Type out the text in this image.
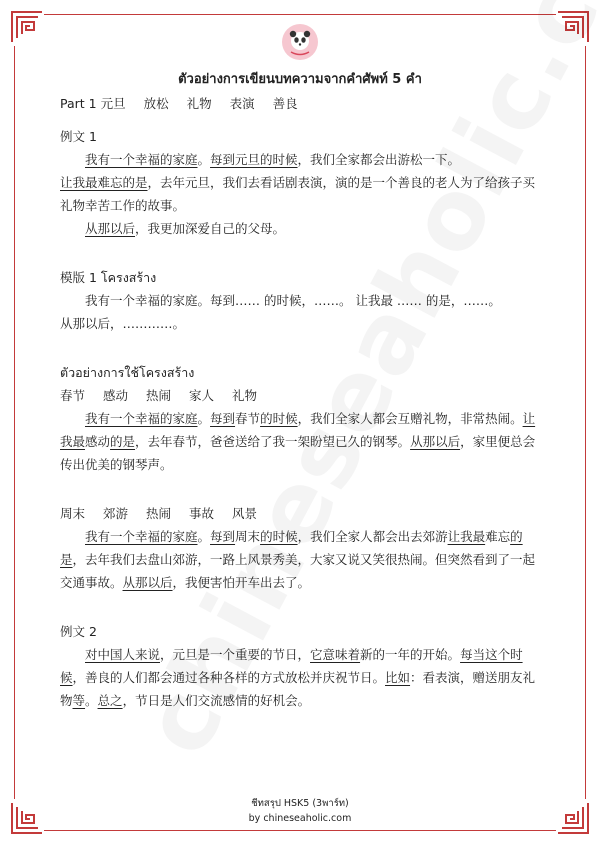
ตัวอย่างการเขียนบทความจากคำศัพท์ 5 คำ

Part 1 元旦 放松 礼物 表演 善良

例文 1

我有一个幸福的家庭。每到元旦的时候，我们全家都会出游松一下。

让我最难忘的是，去年元旦，我们去看话剧表演，演的是一个善良的老人为了给孩子买礼物幸苦工作的故事。

从那以后，我更加深爱自己的父母。

模版 1 โครงสร้าง

我有一个幸福的家庭。每到…… 的时候，……。 让我最 …… 的是，……。

从那以后，…………。

ตัวอย่างการใช้โครงสร้าง

春节 感动 热闹 家人 礼物

我有一个幸福的家庭。每到春节的时候，我们全家人都会互赠礼物，非常热闹。让我最感动的是，去年春节，爸爸送给了我一架盼望已久的钢琴。从那以后，家里便总会传出优美的钢琴声。

周末 郊游 热闹 事故 风景

我有一个幸福的家庭。每到周末的时候，我们全家人都会出去郊游让我最难忘的是，去年我们去盘山郊游，一路上风景秀美，大家又说又笑很热闹。但突然看到了一起交通事故。从那以后，我便害怕开车出去了。

例文 2

对中国人来说，元旦是一个重要的节日，它意味着新的一年的开始。每当这个时候，善良的人们都会通过各种各样的方式放松并庆祝节日。比如：看表演，赠送朋友礼物等。总之，节日是人们交流感情的好机会。

ชีทสรุป HSK5 (3พาร์ท)
by chineseaholic.com
